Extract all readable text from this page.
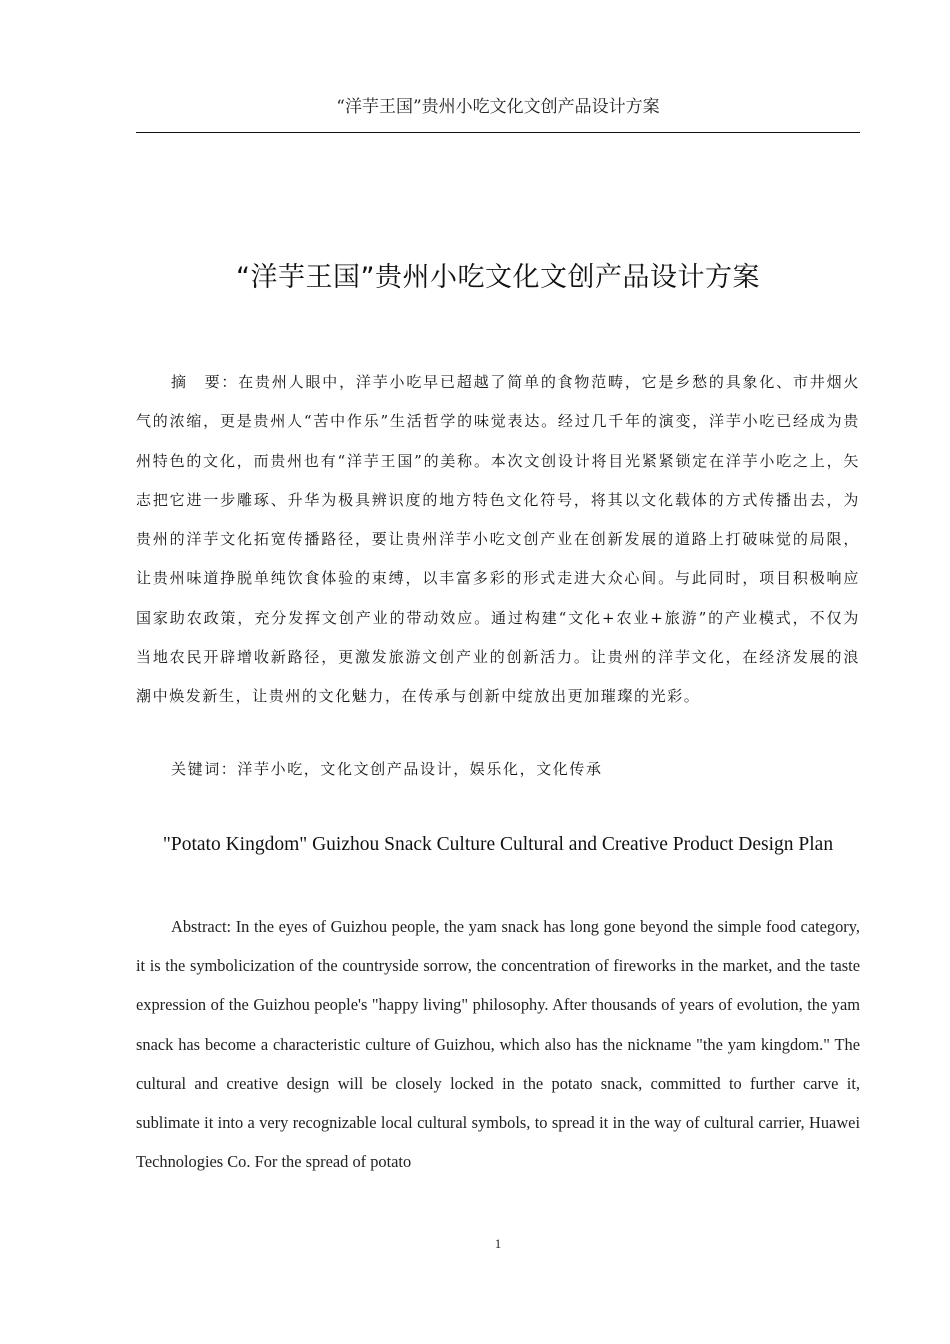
“洋芋王国”贵州小吃文化文创产品设计方案
“洋芋王国”贵州小吃文化文创产品设计方案

摘　要：在贵州人眼中，洋芋小吃早已超越了简单的食物范畴，它是乡愁的具象化、市井烟火气的浓缩，更是贵州人“苦中作乐”生活哲学的味觉表达。经过几千年的演变，洋芋小吃已经成为贵州特色的文化，而贵州也有“洋芋王国”的美称。本次文创设计将目光紧紧锁定在洋芋小吃之上，矢志把它进一步雕琢、升华为极具辨识度的地方特色文化符号，将其以文化载体的方式传播出去，为贵州的洋芋文化拓宽传播路径，要让贵州洋芋小吃文创产业在创新发展的道路上打破味觉的局限，让贵州味道挣脱单纯饮食体验的束缚，以丰富多彩的形式走进大众心间。与此同时，项目积极响应国家助农政策，充分发挥文创产业的带动效应。通过构建“文化+农业+旅游”的产业模式，不仅为当地农民开辟增收新路径，更激发旅游文创产业的创新活力。让贵州的洋芋文化，在经济发展的浪潮中焕发新生，让贵州的文化魅力，在传承与创新中绽放出更加璀璨的光彩。

关键词：洋芋小吃，文化文创产品设计，娱乐化，文化传承
"Potato Kingdom" Guizhou Snack Culture Cultural and Creative Product Design Plan

Abstract: In the eyes of Guizhou people, the yam snack has long gone beyond the simple food category, it is the symbolicization of the countryside sorrow, the concentration of fireworks in the market, and the taste expression of the Guizhou people's "happy living" philosophy. After thousands of years of evolution, the yam snack has become a characteristic culture of Guizhou, which also has the nickname "the yam kingdom." The cultural and creative design will be closely locked in the potato snack, committed to further carve it, sublimate it into a very recognizable local cultural symbols, to spread it in the way of cultural carrier, Huawei Technologies Co. For the spread of potato

1
